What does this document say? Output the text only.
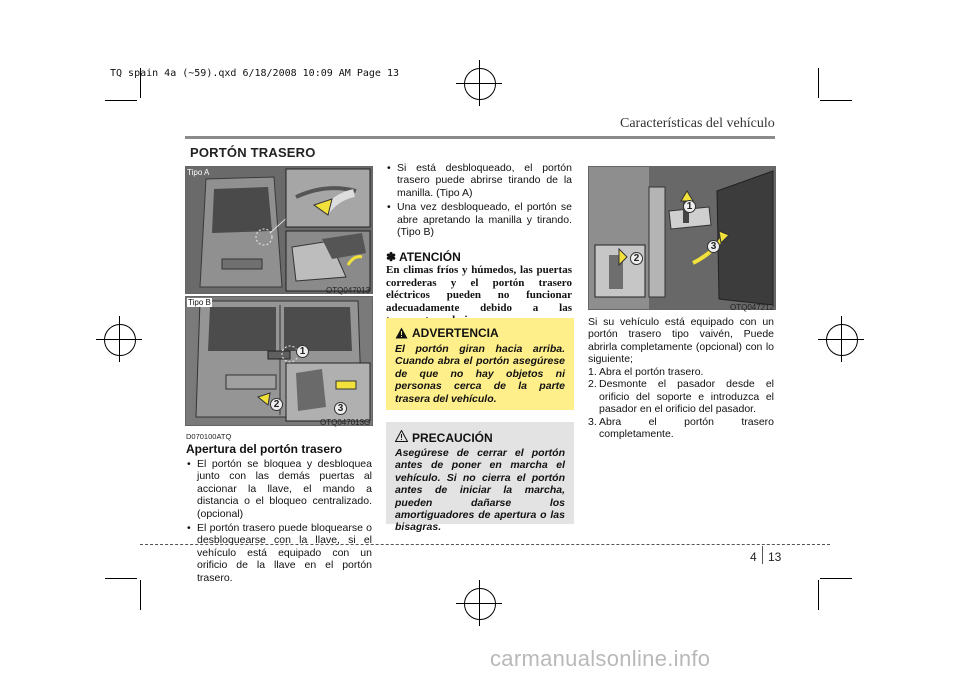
TQ spain 4a (~59).qxd 6/18/2008 10:09 AM Page 13
Características del vehículo
PORTÓN TRASERO
Tipo A
OTQ047013
Tipo B
1
2	3
OTQ047013G
D070100ATQ
Apertura del portón trasero
• El portón se bloquea y desbloquea junto con las demás puertas al accionar la llave, el mando a distancia o el bloqueo centralizado. (opcional)
• El portón trasero puede bloquearse o desbloquearse con la llave, si el vehículo está equipado con un orificio de la llave en el portón trasero.
• Si está desbloqueado, el portón trasero puede abrirse tirando de la manilla. (Tipo A)
• Una vez desbloqueado, el portón se abre apretando la manilla y tirando. (Tipo B)
✽ ATENCIÓN
En climas fríos y húmedos, las puertas correderas y el portón trasero eléctricos pueden no funcionar adecuadamente debido a las
ADVERTENCIA
El portón giran hacia arriba. Cuando abra el portón asegúrese de que no hay objetos ni personas cerca de la parte trasera del vehículo.
PRECAUCIÓN
Asegúrese de cerrar el portón antes de poner en marcha el vehículo. Si no cierra el portón antes de iniciar la marcha, pueden dañarse los amortiguadores de apertura o las bisagras.
1
2
3
OTQ047212
Si su vehículo está equipado con un portón trasero tipo vaivén, Puede abrirla completamente (opcional) con lo siguiente;
1. Abra el portón trasero.
2. Desmonte el pasador desde el orificio del soporte e introduzca el pasador en el orificio del pasador.
3. Abra el portón trasero completamente.
4 13
carmanualsonline.info
